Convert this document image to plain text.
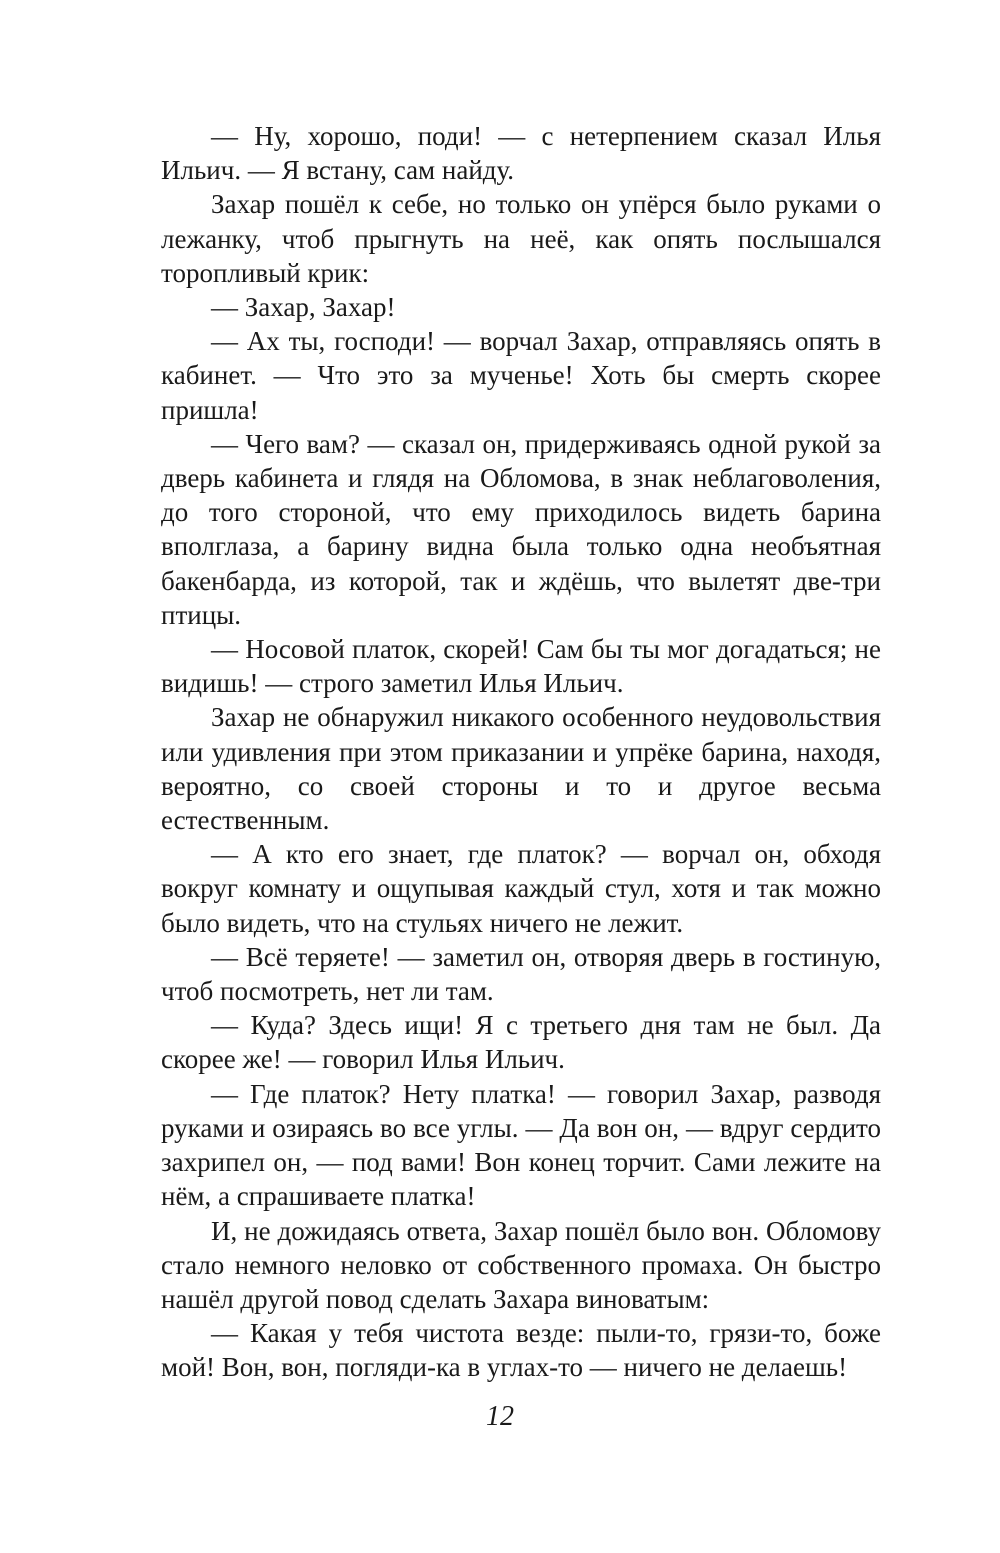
— Ну, хорошо, поди! — с нетерпением сказал Илья Ильич. — Я встану, сам найду.

Захар пошёл к себе, но только он упёрся было руками о лежанку, чтоб прыгнуть на неё, как опять послышался торопливый крик:

— Захар, Захар!

— Ах ты, господи! — ворчал Захар, отправляясь опять в кабинет. — Что это за мученье! Хоть бы смерть скорее пришла!

— Чего вам? — сказал он, придерживаясь одной рукой за дверь кабинета и глядя на Обломова, в знак неблаговоления, до того стороной, что ему приходилось видеть барина вполглаза, а барину видна была только одна необъятная бакенбарда, из которой, так и ждёшь, что вылетят две-три птицы.

— Носовой платок, скорей! Сам бы ты мог догадаться; не видишь! — строго заметил Илья Ильич.

Захар не обнаружил никакого особенного неудовольствия или удивления при этом приказании и упрёке барина, находя, вероятно, со своей стороны и то и другое весьма естественным.

— А кто его знает, где платок? — ворчал он, обходя вокруг комнату и ощупывая каждый стул, хотя и так можно было видеть, что на стульях ничего не лежит.

— Всё теряете! — заметил он, отворяя дверь в гостиную, чтоб посмотреть, нет ли там.

— Куда? Здесь ищи! Я с третьего дня там не был. Да скорее же! — говорил Илья Ильич.

— Где платок? Нету платка! — говорил Захар, разводя руками и озираясь во все углы. — Да вон он, — вдруг сердито захрипел он, — под вами! Вон конец торчит. Сами лежите на нём, а спрашиваете платка!

И, не дожидаясь ответа, Захар пошёл было вон. Обломову стало немного неловко от собственного промаха. Он быстро нашёл другой повод сделать Захара виноватым:

— Какая у тебя чистота везде: пыли-то, грязи-то, боже мой! Вон, вон, погляди-ка в углах-то — ничего не делаешь!

12
